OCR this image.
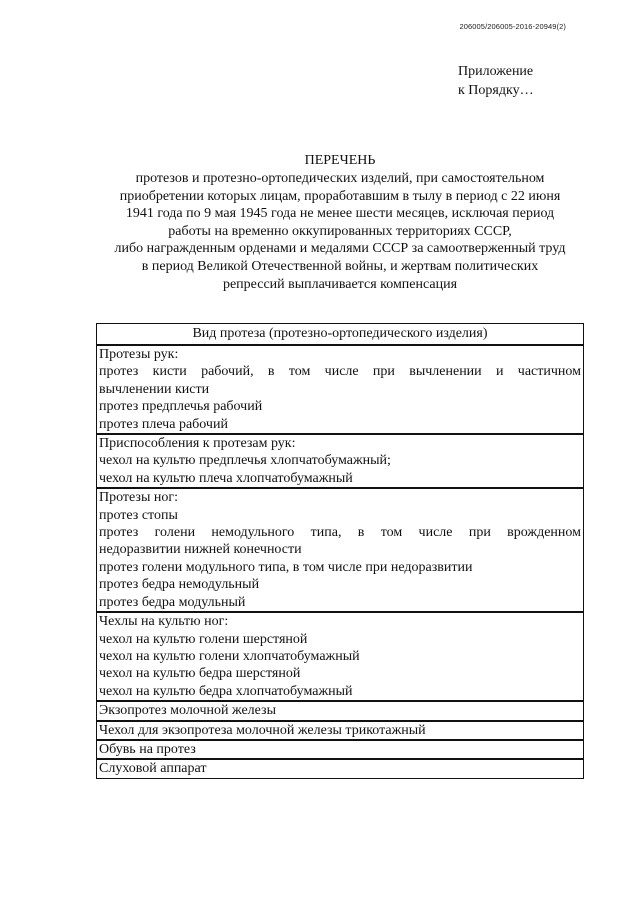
206005/206005-2016-20949(2)
Приложение
к Порядку…
ПЕРЕЧЕНЬ
протезов и протезно-ортопедических изделий, при самостоятельном
приобретении которых лицам, проработавшим в тылу в период с 22 июня
1941 года по 9 мая 1945 года не менее шести месяцев, исключая период
работы на временно оккупированных территориях СССР,
либо награжденным орденами и медалями СССР за самоотверженный труд
в период Великой Отечественной войны, и жертвам политических
репрессий выплачивается компенсация
Вид протеза (протезно-ортопедического изделия)
Протезы рук:
протез кисти рабочий, в том числе при вычленении и частичном
вычленении кисти
протез предплечья рабочий
протез плеча рабочий
Приспособления к протезам рук:
чехол на культю предплечья хлопчатобумажный;
чехол на культю плеча хлопчатобумажный
Протезы ног:
протез стопы
протез голени немодульного типа, в том числе при врожденном
недоразвитии нижней конечности
протез голени модульного типа, в том числе при недоразвитии
протез бедра немодульный
протез бедра модульный
Чехлы на культю ног:
чехол на культю голени шерстяной
чехол на культю голени хлопчатобумажный
чехол на культю бедра шерстяной
чехол на культю бедра хлопчатобумажный
Экзопротез молочной железы
Чехол для экзопротеза молочной железы трикотажный
Обувь на протез
Слуховой аппарат
